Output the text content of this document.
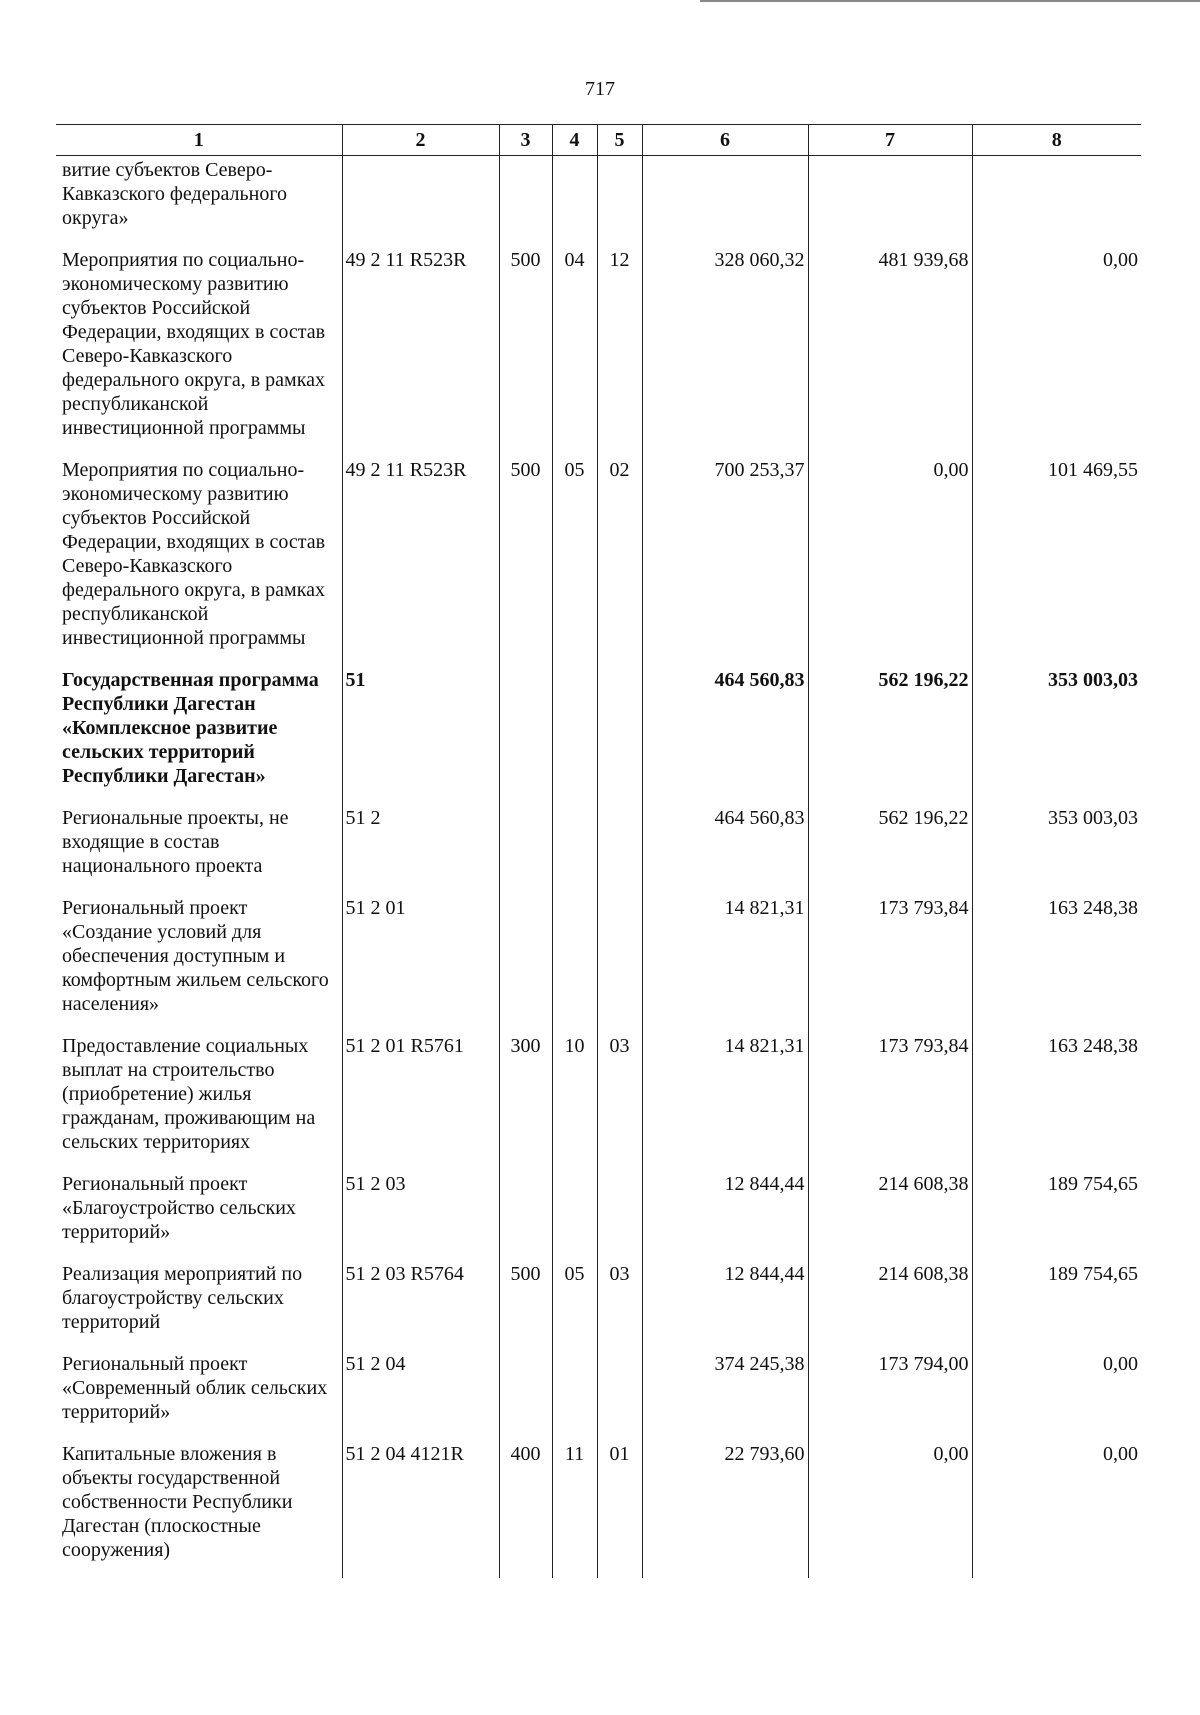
717
1	2	3	4	5	6	7	8
витие субъектов Северо-Кавказского федерального округа»							
Мероприятия по социально-экономическому развитию субъектов Российской Федерации, входящих в состав Северо-Кавказского федерального округа, в рамках республиканской инвестиционной программы	49 2 11 R523R	500	04	12	328 060,32	481 939,68	0,00
Мероприятия по социально-экономическому развитию субъектов Российской Федерации, входящих в состав Северо-Кавказского федерального округа, в рамках республиканской инвестиционной программы	49 2 11 R523R	500	05	02	700 253,37	0,00	101 469,55
Государственная программа Республики Дагестан «Комплексное развитие сельских территорий Республики Дагестан»	51				464 560,83	562 196,22	353 003,03
Региональные проекты, не входящие в состав национального проекта	51 2				464 560,83	562 196,22	353 003,03
Региональный проект «Создание условий для обеспечения доступным и комфортным жильем сельского населения»	51 2 01				14 821,31	173 793,84	163 248,38
Предоставление социальных выплат на строительство (приобретение) жилья гражданам, проживающим на сельских территориях	51 2 01 R5761	300	10	03	14 821,31	173 793,84	163 248,38
Региональный проект «Благоустройство сельских территорий»	51 2 03				12 844,44	214 608,38	189 754,65
Реализация мероприятий по благоустройству сельских территорий	51 2 03 R5764	500	05	03	12 844,44	214 608,38	189 754,65
Региональный проект «Современный облик сельских территорий»	51 2 04				374 245,38	173 794,00	0,00
Капитальные вложения в объекты государственной собственности Республики Дагестан (плоскостные сооружения)	51 2 04 4121R	400	11	01	22 793,60	0,00	0,00
